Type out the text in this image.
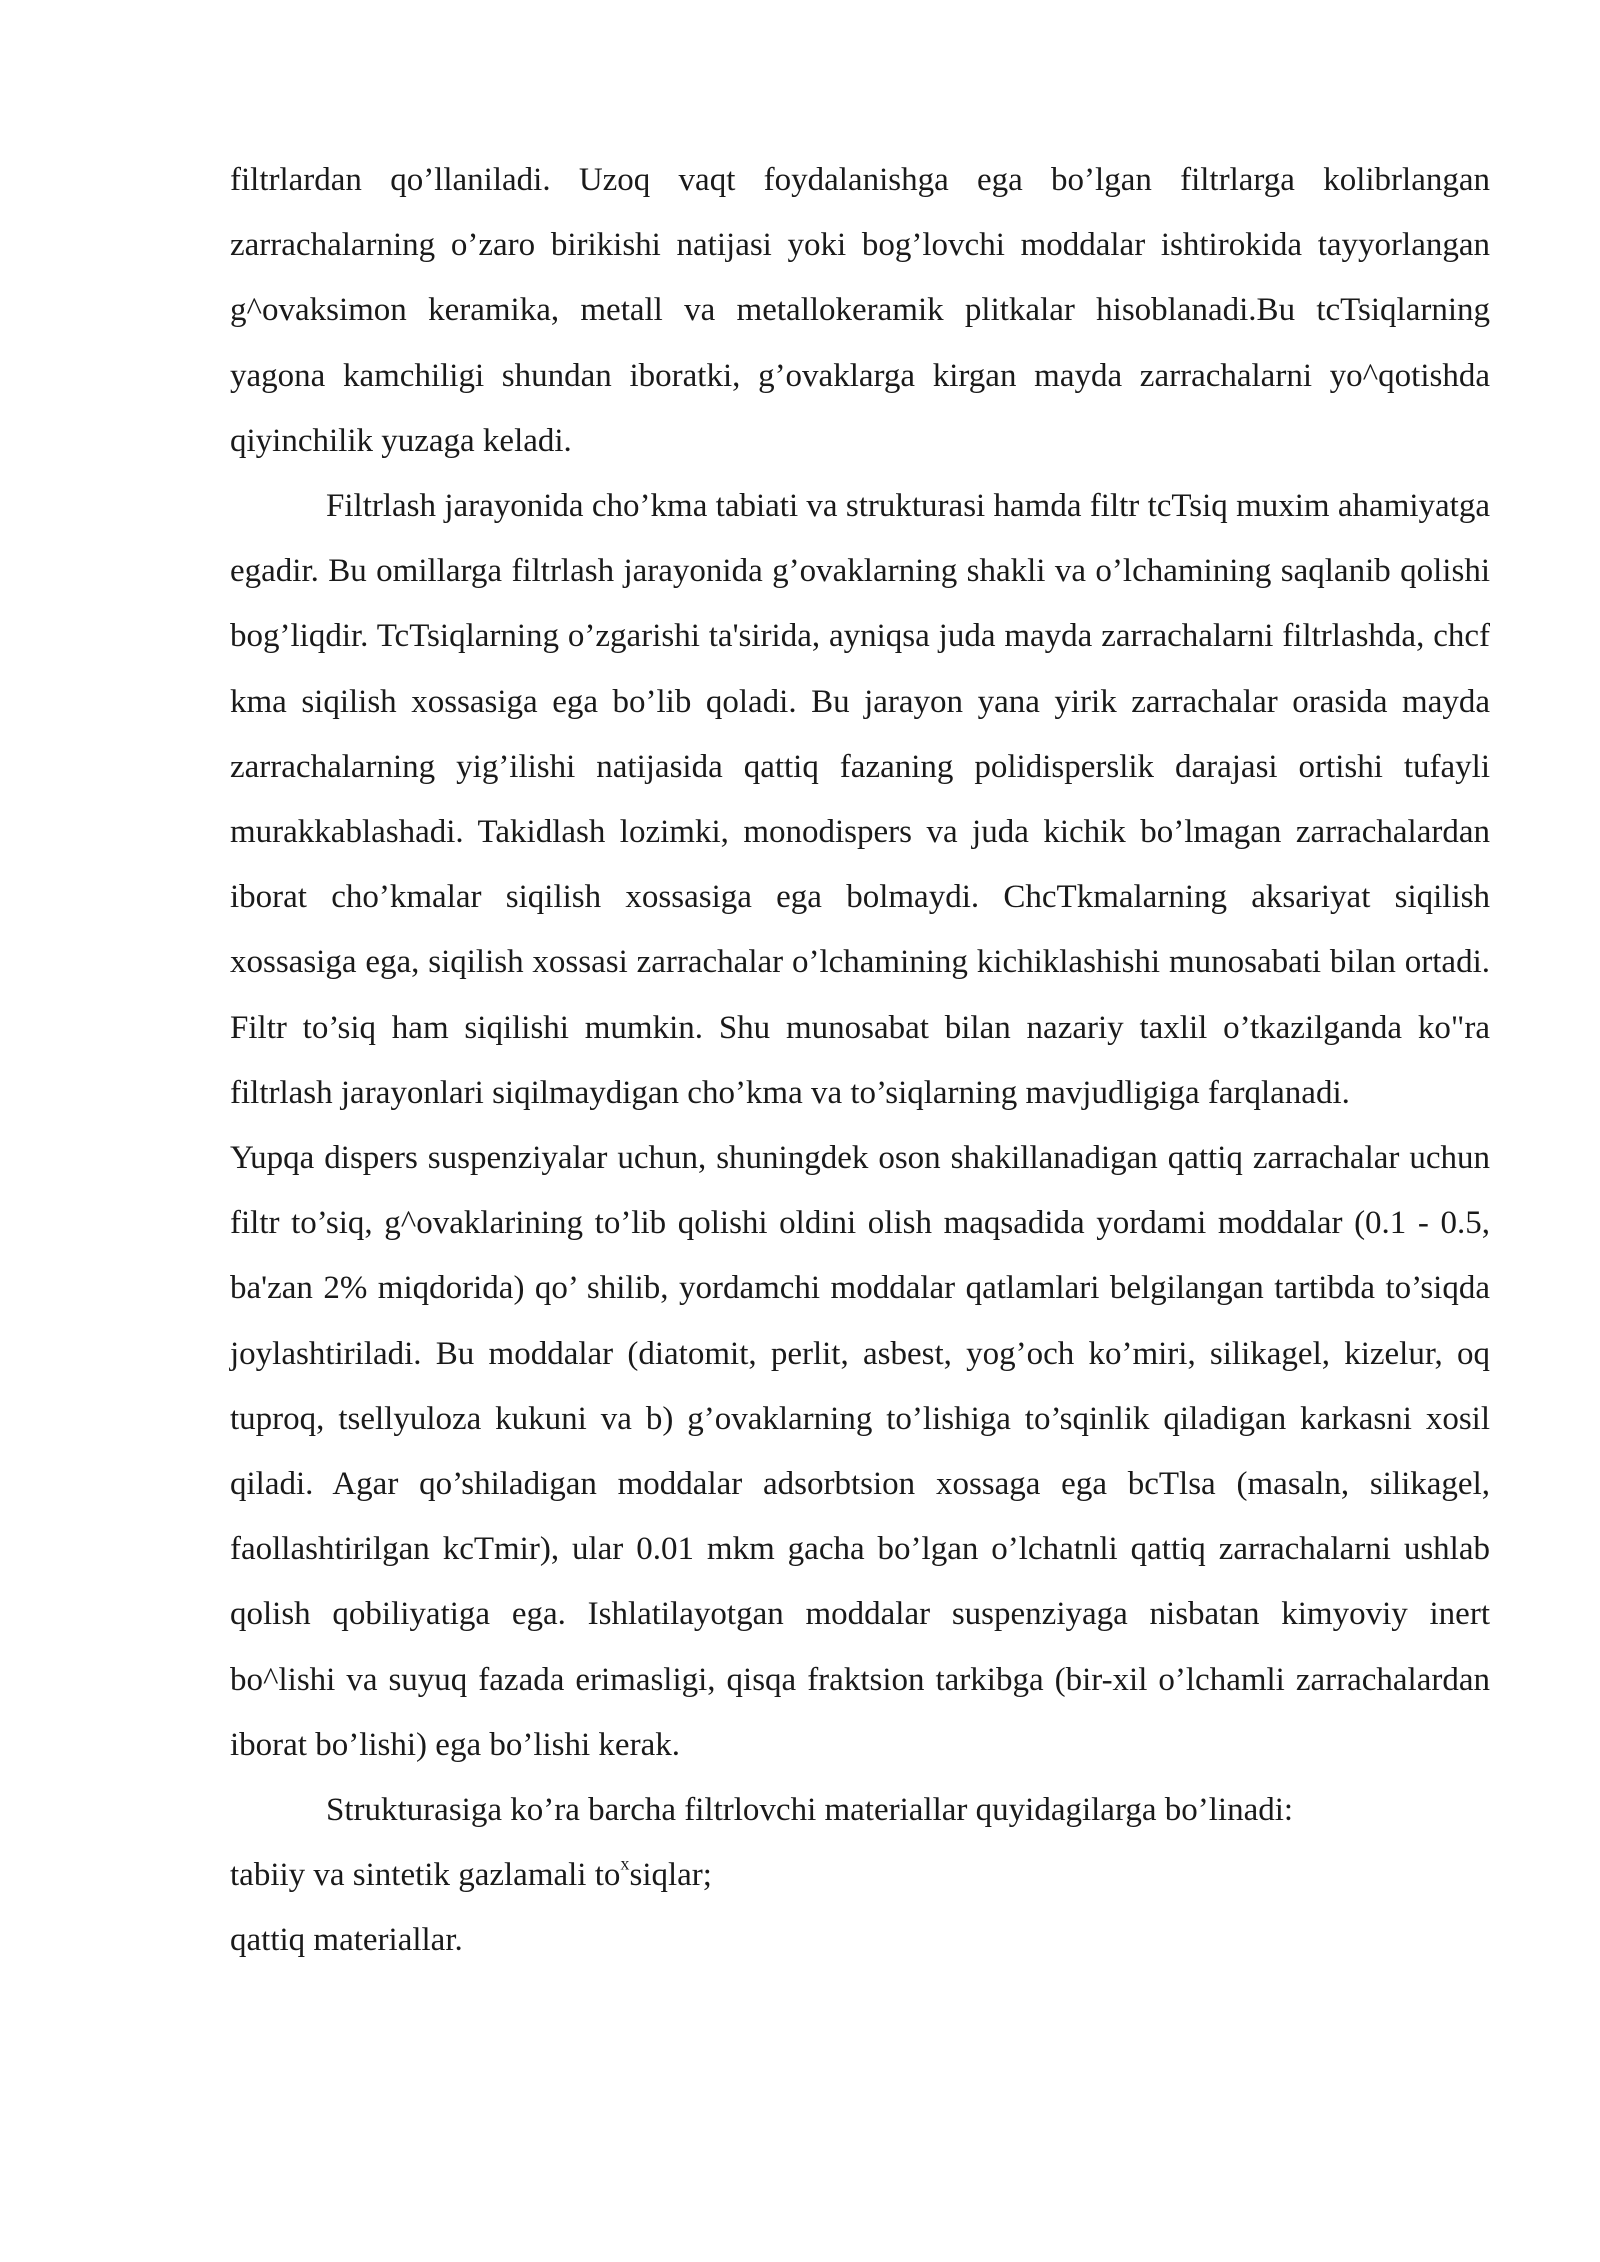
filtrlardan qo’llaniladi. Uzoq vaqt foydalanishga ega bo’lgan filtrlarga kolibrlangan zarrachalarning o’zaro birikishi natijasi yoki bog’lovchi moddalar ishtirokida tayyorlangan g^ovaksimon keramika, metall va metallokeramik plitkalar hisoblanadi.Bu tcTsiqlarning yagona kamchiligi shundan iboratki, g’ovaklarga kirgan mayda zarrachalarni yo^qotishda qiyinchilik yuzaga keladi.

Filtrlash jarayonida cho’kma tabiati va strukturasi hamda filtr tcTsiq muxim ahamiyatga egadir. Bu omillarga filtrlash jarayonida g’ovaklarning shakli va o’lchamining saqlanib qolishi bog’liqdir. TcTsiqlarning o’zgarishi ta'sirida, ayniqsa juda mayda zarrachalarni filtrlashda, chcf kma siqilish xossasiga ega bo’lib qoladi. Bu jarayon yana yirik zarrachalar orasida mayda zarrachalarning yig’ilishi natijasida qattiq fazaning polidisperslik darajasi ortishi tufayli murakkablashadi. Takidlash lozimki, monodispers va juda kichik bo’lmagan zarrachalardan iborat cho’kmalar siqilish xossasiga ega bolmaydi. ChcTkmalarning aksariyat siqilish xossasiga ega, siqilish xossasi zarrachalar o’lchamining kichiklashishi munosabati bilan ortadi. Filtr to’siq ham siqilishi mumkin. Shu munosabat bilan nazariy taxlil o’tkazilganda ko"ra filtrlash jarayonlari siqilmaydigan cho’kma va to’siqlarning mavjudligiga farqlanadi.

Yupqa dispers suspenziyalar uchun, shuningdek oson shakillanadigan qattiq zarrachalar uchun filtr to’siq, g^ovaklarining to’lib qolishi oldini olish maqsadida yordami moddalar (0.1 - 0.5, ba'zan 2% miqdorida) qo’ shilib, yordamchi moddalar qatlamlari belgilangan tartibda to’siqda joylashtiriladi. Bu moddalar (diatomit, perlit, asbest, yog’och ko’miri, silikagel, kizelur, oq tuproq, tsellyuloza kukuni va b) g’ovaklarning to’lishiga to’sqinlik qiladigan karkasni xosil qiladi. Agar qo’shiladigan moddalar adsorbtsion xossaga ega bcTlsa (masaln, silikagel, faollashtirilgan kcTmir), ular 0.01 mkm gacha bo’lgan o’lchatnli qattiq zarrachalarni ushlab qolish qobiliyatiga ega. Ishlatilayotgan moddalar suspenziyaga nisbatan kimyoviy inert bo^lishi va suyuq fazada erimasligi, qisqa fraktsion tarkibga (bir-xil o’lchamli zarrachalardan iborat bo’lishi) ega bo’lishi kerak.

Strukturasiga ko’ra barcha filtrlovchi materiallar quyidagilarga bo’linadi:

tabiiy va sintetik gazlamali $to^xsiqlar$;

qattiq materiallar.
